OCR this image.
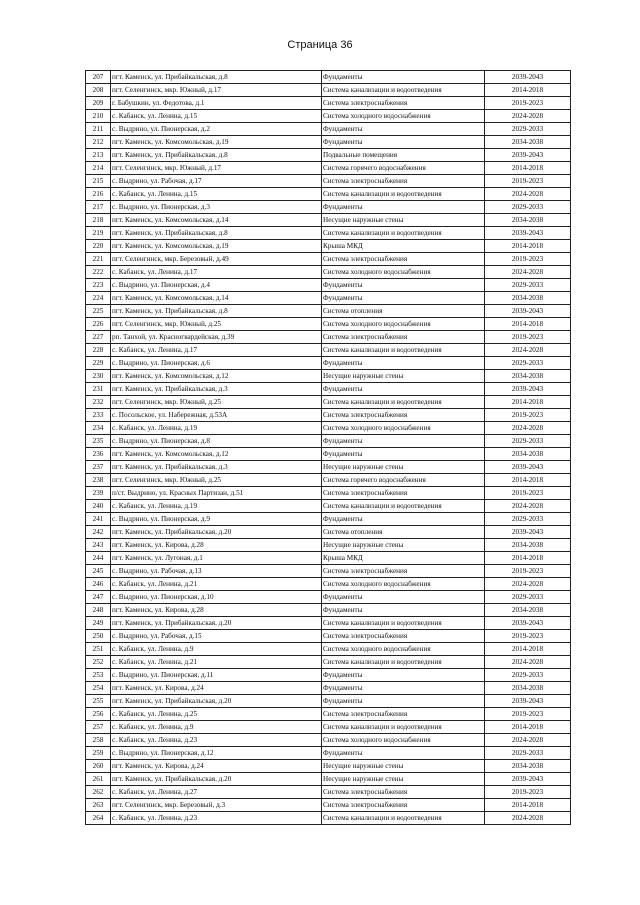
Страница 36
207	пгт. Каменск, ул. Прибайкальская, д.8	Фундаменты	2039-2043
208	пгт. Селенгинск, мкр. Южный, д.17	Система канализации и водоотведения	2014-2018
209	г. Бабушкин, ул. Федотова, д.1	Система электроснабжения	2019-2023
210	с. Кабанск, ул. Ленина, д.15	Система холодного водоснабжения	2024-2028
211	с. Выдрино, ул. Пионерская, д.2	Фундаменты	2029-2033
212	пгт. Каменск, ул. Комсомольская, д.19	Фундаменты	2034-2038
213	пгт. Каменск, ул. Прибайкальская, д.8	Подвальные помещения	2039-2043
214	пгт. Селенгинск, мкр. Южный, д.17	Система горячего водоснабжения	2014-2018
215	с. Выдрино, ул. Рабочая, д.17	Система электроснабжения	2019-2023
216	с. Кабанск, ул. Ленина, д.15	Система канализации и водоотведения	2024-2028
217	с. Выдрино, ул. Пионерская, д.3	Фундаменты	2029-2033
218	пгт. Каменск, ул. Комсомольская, д.14	Несущие наружные стены	2034-2038
219	пгт. Каменск, ул. Прибайкальская, д.8	Система канализации и водоотведения	2039-2043
220	пгт. Каменск, ул. Комсомольская, д.19	Крыша МКД	2014-2018
221	пгт. Селенгинск, мкр. Березовый, д.49	Система электроснабжения	2019-2023
222	с. Кабанск, ул. Ленина, д.17	Система холодного водоснабжения	2024-2028
223	с. Выдрино, ул. Пионерская, д.4	Фундаменты	2029-2033
224	пгт. Каменск, ул. Комсомольская, д.14	Фундаменты	2034-2038
225	пгт. Каменск, ул. Прибайкальская, д.8	Система отопления	2039-2043
226	пгт. Селенгинск, мкр. Южный, д.25	Система холодного водоснабжения	2014-2018
227	рп. Танхой, ул. Красногвардейская, д.39	Система электроснабжения	2019-2023
228	с. Кабанск, ул. Ленина, д.17	Система канализации и водоотведения	2024-2028
229	с. Выдрино, ул. Пионерская, д.6	Фундаменты	2029-2033
230	пгт. Каменск, ул. Комсомольская, д.12	Несущие наружные стены	2034-2038
231	пгт. Каменск, ул. Прибайкальская, д.3	Фундаменты	2039-2043
232	пгт. Селенгинск, мкр. Южный, д.25	Система канализации и водоотведения	2014-2018
233	с. Посольское, ул. Набережная, д.53А	Система электроснабжения	2019-2023
234	с. Кабанск, ул. Ленина, д.19	Система холодного водоснабжения	2024-2028
235	с. Выдрино, ул. Пионерская, д.8	Фундаменты	2029-2033
236	пгт. Каменск, ул. Комсомольская, д.12	Фундаменты	2034-2038
237	пгт. Каменск, ул. Прибайкальская, д.3	Несущие наружные стены	2039-2043
238	пгт. Селенгинск, мкр. Южный, д.25	Система горячего водоснабжения	2014-2018
239	п/ст. Выдрино, ул. Красных Партизан, д.51	Система электроснабжения	2019-2023
240	с. Кабанск, ул. Ленина, д.19	Система канализации и водоотведения	2024-2028
241	с. Выдрино, ул. Пионерская, д.9	Фундаменты	2029-2033
242	пгт. Каменск, ул. Прибайкальская, д.20	Система отопления	2039-2043
243	пгт. Каменск, ул. Кирова, д.28	Несущие наружные стены	2034-2038
244	пгт. Каменск, ул. Лугоная, д.1	Крыша МКД	2014-2018
245	с. Выдрино, ул. Рабочая, д.13	Система электроснабжения	2019-2023
246	с. Кабанск, ул. Ленина, д.21	Система холодного водоснабжения	2024-2028
247	с. Выдрино, ул. Пионерская, д.10	Фундаменты	2029-2033
248	пгт. Каменск, ул. Кирова, д.28	Фундаменты	2034-2038
249	пгт. Каменск, ул. Прибайкальская, д.20	Система канализации и водоотведения	2039-2043
250	с. Выдрино, ул. Рабочая, д.15	Система электроснабжения	2019-2023
251	с. Кабанск, ул. Ленина, д.9	Система холодного водоснабжения	2014-2018
252	с. Кабанск, ул. Ленина, д.21	Система канализации и водоотведения	2024-2028
253	с. Выдрино, ул. Пионерская, д.11	Фундаменты	2029-2033
254	пгт. Каменск, ул. Кирова, д.24	Фундаменты	2034-2038
255	пгт. Каменск, ул. Прибайкальская, д.20	Фундаменты	2039-2043
256	с. Кабанск, ул. Ленина, д.25	Система электроснабжения	2019-2023
257	с. Кабанск, ул. Ленина, д.9	Система канализации и водоотведения	2014-2018
258	с. Кабанск, ул. Ленина, д.23	Система холодного водоснабжения	2024-2028
259	с. Выдрино, ул. Пионерская, д.12	Фундаменты	2029-2033
260	пгт. Каменск, ул. Кирова, д.24	Несущие наружные стены	2034-2038
261	пгт. Каменск, ул. Прибайкальская, д.20	Несущие наружные стены	2039-2043
262	с. Кабанск, ул. Ленина, д.27	Система электроснабжения	2019-2023
263	пгт. Селенгинск, мкр. Березовый, д.3	Система электроснабжения	2014-2018
264	с. Кабанск, ул. Ленина, д.23	Система канализации и водоотведения	2024-2028
